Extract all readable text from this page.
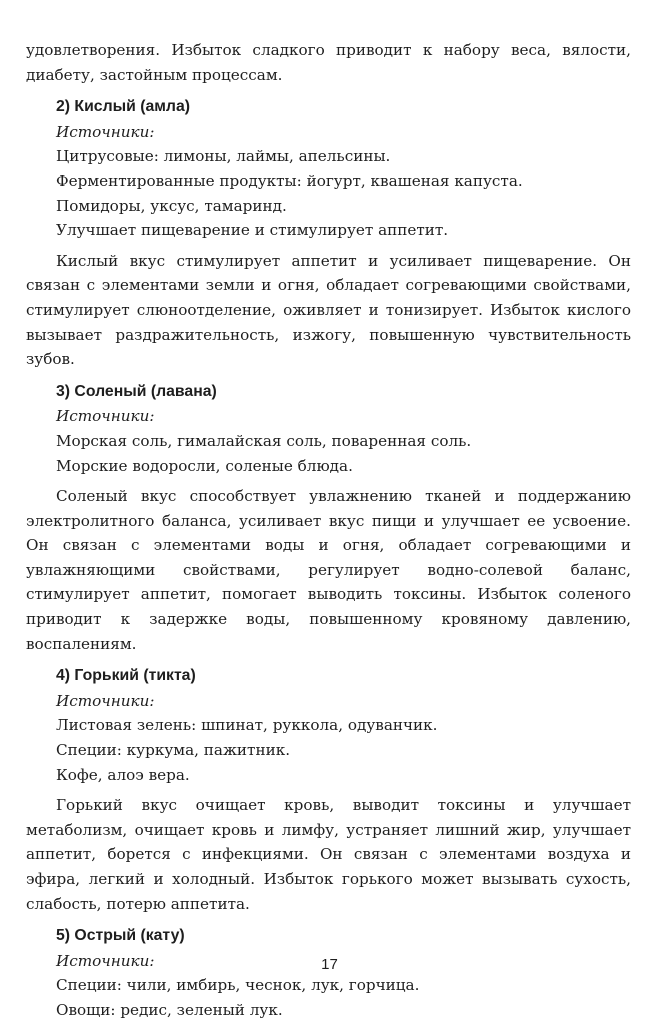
удовлетворения. Избыток сладкого приводит к набору веса, вялости, диабету, застойным процессам.

2) Кислый (амла)
Источники:
Цитрусовые: лимоны, лаймы, апельсины.
Ферментированные продукты: йогурт, квашеная капуста.
Помидоры, уксус, тамаринд.
Улучшает пищеварение и стимулирует аппетит.

Кислый вкус стимулирует аппетит и усиливает пищеварение. Он связан с элементами земли и огня, обладает согревающими свойствами, стимулирует слюноотделение, оживляет и тонизирует. Избыток кислого вызывает раздражительность, изжогу, повышенную чувствительность зубов.

3) Соленый (лавана)
Источники:
Морская соль, гималайская соль, поваренная соль.
Морские водоросли, соленые блюда.

Соленый вкус способствует увлажнению тканей и поддержанию электролитного баланса, усиливает вкус пищи и улучшает ее усвоение. Он связан с элементами воды и огня, обладает согревающими и увлажняющими свойствами, регулирует водно-солевой баланс, стимулирует аппетит, помогает выводить токсины. Избыток соленого приводит к задержке воды, повышенному кровяному давлению, воспалениям.

4) Горький (тикта)
Источники:
Листовая зелень: шпинат, руккола, одуванчик.
Специи: куркума, пажитник.
Кофе, алоэ вера.

Горький вкус очищает кровь, выводит токсины и улучшает метаболизм, очищает кровь и лимфу, устраняет лишний жир, улучшает аппетит, борется с инфекциями. Он связан с элементами воздуха и эфира, легкий и холодный. Избыток горького может вызывать сухость, слабость, потерю аппетита.

5) Острый (кату)
Источники:
Специи: чили, имбирь, чеснок, лук, горчица.
Овощи: редис, зеленый лук.
17
